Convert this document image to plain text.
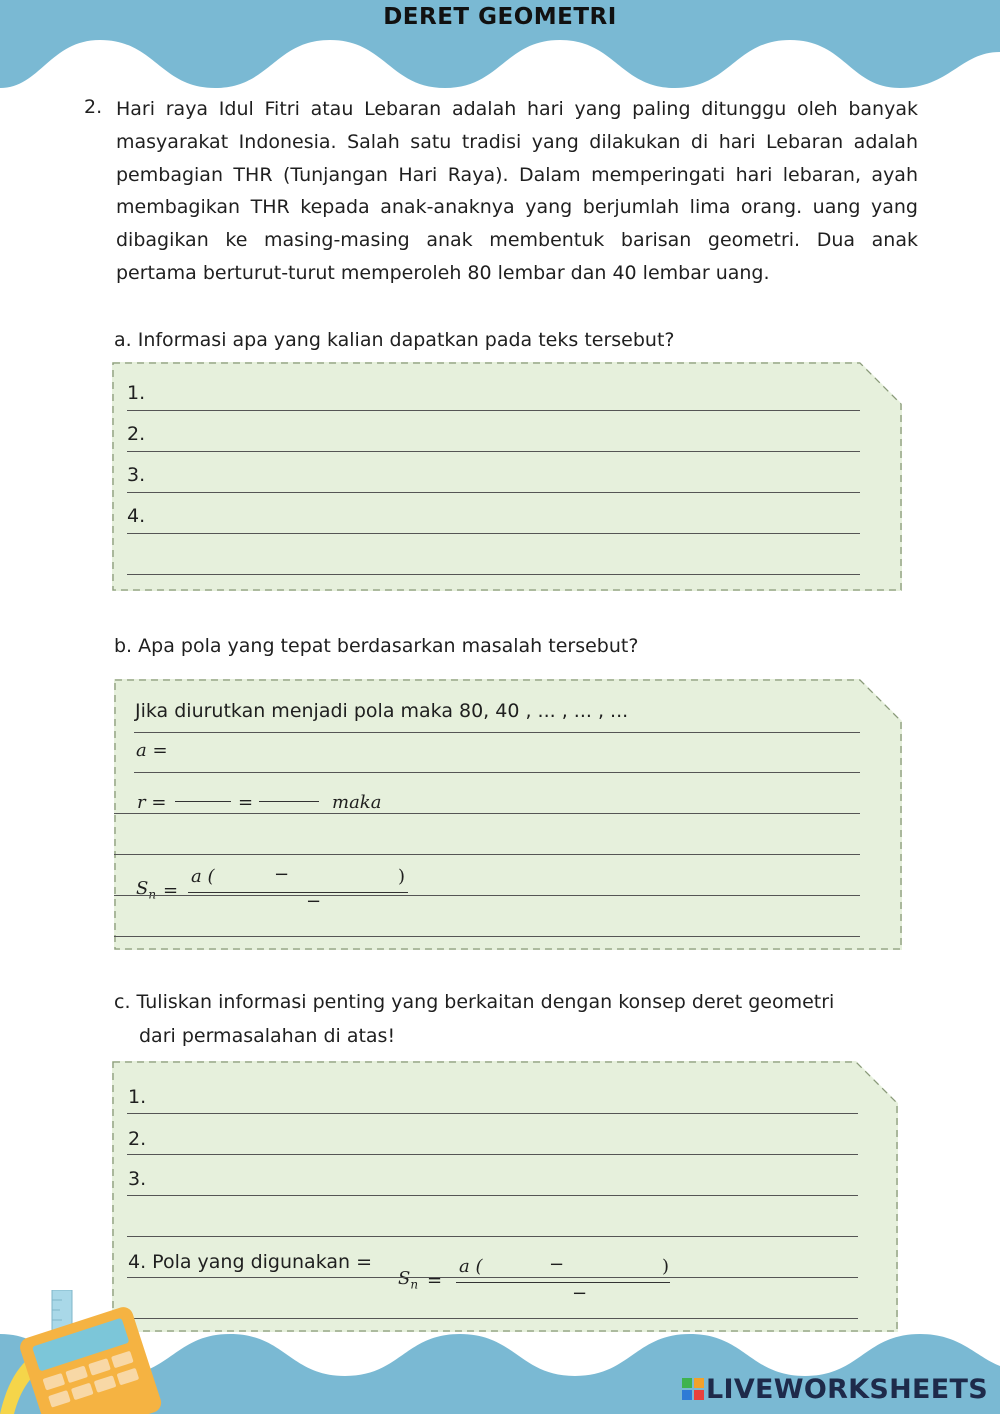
DERET GEOMETRI
2. Hari raya Idul Fitri atau Lebaran adalah hari yang paling ditunggu oleh banyak masyarakat Indonesia. Salah satu tradisi yang dilakukan di hari Lebaran adalah pembagian THR (Tunjangan Hari Raya). Dalam memperingati hari lebaran, ayah membagikan THR kepada anak-anaknya yang berjumlah lima orang. uang yang dibagikan ke masing-masing anak membentuk barisan geometri. Dua anak pertama berturut-turut memperoleh 80 lembar dan 40 lembar uang.

a. Informasi apa yang kalian dapatkan pada teks tersebut?
1.
2.
3.
4.
b. Apa pola yang tepat berdasarkan masalah tersebut?
Jika diurutkan menjadi pola maka 80, 40 , ... , ... , ...
a =
r =	=	maka
$S_n$ =
a (	−	)
−
c. Tuliskan informasi penting yang berkaitan dengan konsep deret geometri
dari permasalahan di atas!
1.
2.
3.
4. Pola yang digunakan =
$S_n$ =
a (	−	)
−
LIVEWORKSHEETS
